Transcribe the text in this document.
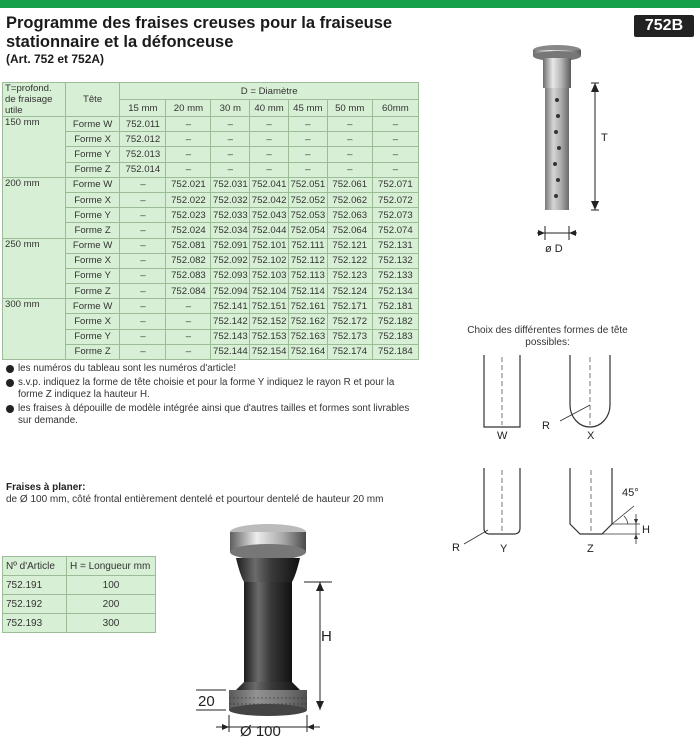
Programme des fraises creuses pour la fraiseuse stationnaire et la défonceuse
(Art. 752 et 752A)
752B
T=profond. de fraisage utile	Tête	D = Diamètre						
		15 mm	20 mm	30 m	40 mm	45 mm	50 mm	60mm
150 mm	Forme W	752.011	–	–	–	–	–	–
	Forme X	752.012	–	–	–	–	–	–
	Forme Y	752.013	–	–	–	–	–	–
	Forme Z	752.014	–	–	–	–	–	–
200 mm	Forme W	–	752.021	752.031	752.041	752.051	752.061	752.071
	Forme X	–	752.022	752.032	752.042	752.052	752.062	752.072
	Forme Y	–	752.023	752.033	752.043	752.053	752.063	752.073
	Forme Z	–	752.024	752.034	752.044	752.054	752.064	752.074
250 mm	Forme W	–	752.081	752.091	752.101	752.111	752.121	752.131
	Forme X	–	752.082	752.092	752.102	752.112	752.122	752.132
	Forme Y	–	752.083	752.093	752.103	752.113	752.123	752.133
	Forme Z	–	752.084	752.094	752.104	752.114	752.124	752.134
300 mm	Forme W	–	–	752.141	752.151	752.161	752.171	752.181
	Forme X	–	–	752.142	752.152	752.162	752.172	752.182
	Forme Y	–	–	752.143	752.153	752.163	752.173	752.183
	Forme Z	–	–	752.144	752.154	752.164	752.174	752.184
les numéros du tableau sont les numéros d'article!
s.v.p. indiquez la forme de tête choisie et pour la forme Y indiquez le rayon R et pour la forme Z indiquez la hauteur H.
les fraises à dépouille de modèle intégrée ainsi que d'autres tailles et formes sont livrables sur demande.
Fraises à planer:
de Ø 100 mm, côté frontal entièrement dentelé et pourtour dentelé de hauteur 20 mm
Nº d'Article	H = Longueur mm
752.191	100
752.192	200
752.193	300
T
ø D
Choix des différentes formes de tête possibles:
W
R
X
R	Y
45°
H
Z
H
20
Ø 100
